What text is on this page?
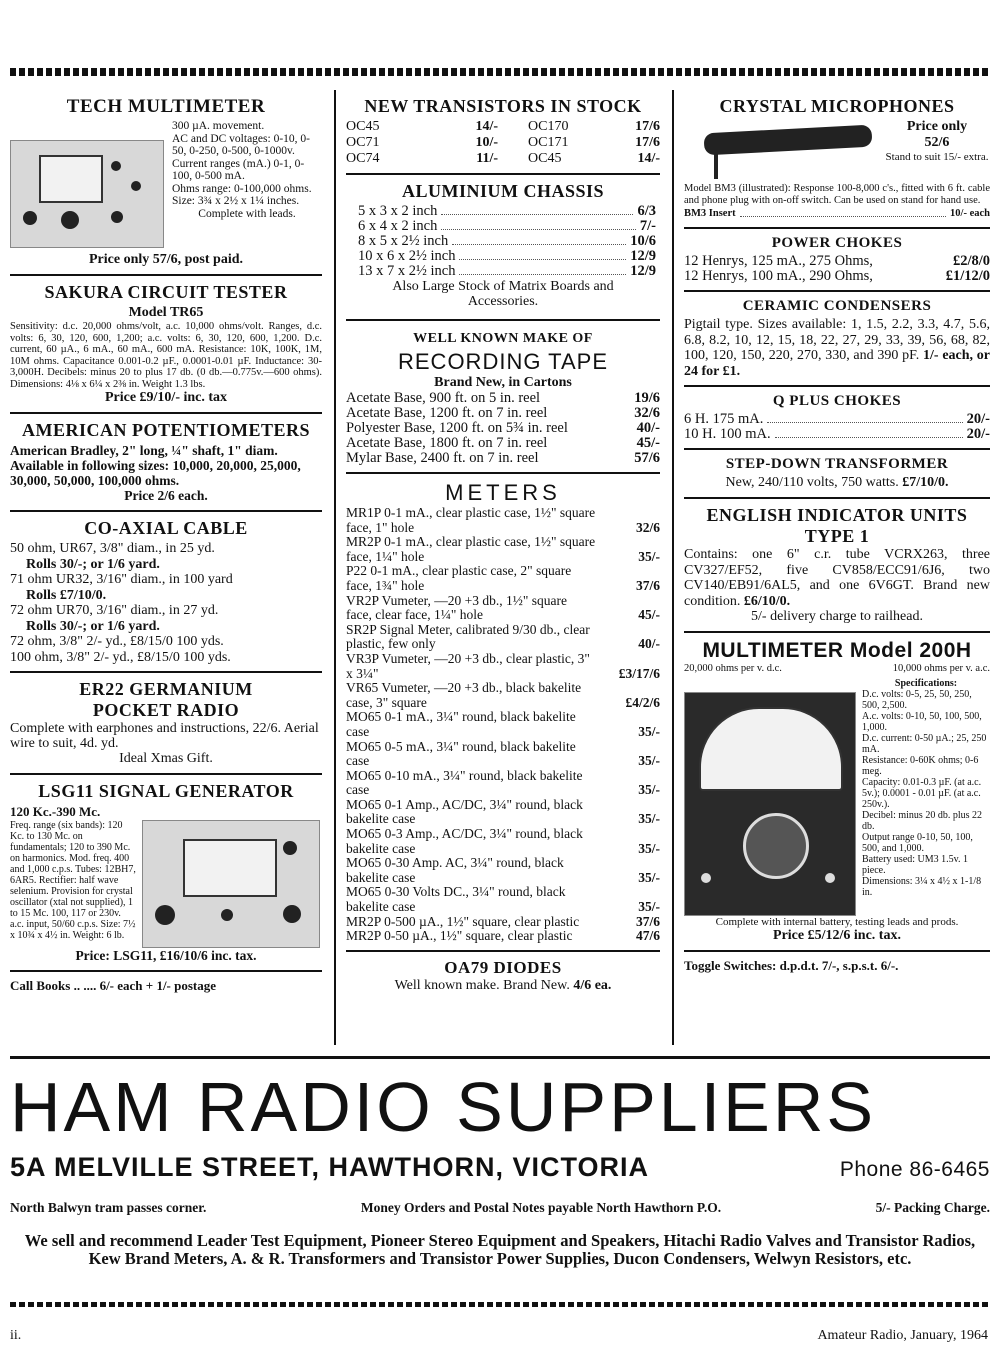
TECH MULTIMETER

300 µA. movement.

AC and DC voltages: 0-10, 0-50, 0-250, 0-500, 0-1000v.

Current ranges (mA.) 0-1, 0-100, 0-500 mA.

Ohms range: 0-100,000 ohms.

Size: 3¾ x 2½ x 1¼ inches.

Complete with leads.

Price only 57/6, post paid.

SAKURA CIRCUIT TESTER

Model TR65

Sensitivity: d.c. 20,000 ohms/volt, a.c. 10,000 ohms/volt. Ranges, d.c. volts: 6, 30, 120, 600, 1,200; a.c. volts: 6, 30, 120, 600, 1,200. D.c. current, 60 µA., 6 mA., 60 mA., 600 mA. Resistance: 10K, 100K, 1M, 10M ohms. Capacitance 0.001-0.2 µF., 0.0001-0.01 µF. Inductance: 30-3,000H. Decibels: minus 20 to plus 17 db. (0 db.—0.775v.—600 ohms). Dimensions: 4⅛ x 6¼ x 2⅜ in. Weight 1.3 lbs.

Price £9/10/- inc. tax

AMERICAN POTENTIOMETERS

American Bradley, 2" long, ¼" shaft, 1" diam. Available in following sizes: 10,000, 20,000, 25,000, 30,000, 50,000, 100,000 ohms.

Price 2/6 each.

CO-AXIAL CABLE

50 ohm, UR67, 3/8" diam., in 25 yd.

Rolls 30/-; or 1/6 yard.

71 ohm UR32, 3/16" diam., in 100 yard

Rolls £7/10/0.

72 ohm UR70, 3/16" diam., in 27 yd.

Rolls 30/-; or 1/6 yard.

72 ohm, 3/8" 2/- yd., £8/15/0 100 yds.

100 ohm, 3/8" 2/- yd., £8/15/0 100 yds.

ER22 GERMANIUM
POCKET RADIO

Complete with earphones and instructions, 22/6. Aerial wire to suit, 4d. yd.

Ideal Xmas Gift.

LSG11 SIGNAL GENERATOR

120 Kc.-390 Mc.

Freq. range (six bands): 120 Kc. to 130 Mc. on fundamentals; 120 to 390 Mc. on harmonics. Mod. freq. 400 and 1,000 c.p.s. Tubes: 12BH7, 6AR5. Rectifier: half wave selenium. Provision for crystal oscillator (xtal not supplied), 1 to 15 Mc. 100, 117 or 230v. a.c. input, 50/60 c.p.s. Size: 7½ x 10¾ x 4½ in. Weight: 6 lb.

Price: LSG11, £16/10/6 inc. tax.

Call Books .. .... 6/- each + 1/- postage

NEW TRANSISTORS IN STOCK
OC45	14/-	OC170	17/6
OC71	10/-	OC171	17/6
OC74	11/-	OC45	14/-
ALUMINIUM CHASSIS
5 x 3 x 2 inch	6/3
6 x 4 x 2 inch	7/-
8 x 5 x 2½ inch	10/6
10 x 6 x 2½ inch	12/9
13 x 7 x 2½ inch	12/9

Also Large Stock of Matrix Boards and Accessories.

WELL KNOWN MAKE OF
RECORDING TAPE

Brand New, in Cartons

Acetate Base, 900 ft. on 5 in. reel	19/6
Acetate Base, 1200 ft. on 7 in. reel	32/6
Polyester Base, 1200 ft. on 5¾ in. reel	40/-
Acetate Base, 1800 ft. on 7 in. reel	45/-
Mylar Base, 2400 ft. on 7 in. reel	57/6
METERS
MR1P 0-1 mA., clear plastic case, 1½" square face, 1" hole	32/6
MR2P 0-1 mA., clear plastic case, 1½" square face, 1¼" hole	35/-
P22 0-1 mA., clear plastic case, 2" square face, 1¾" hole	37/6
VR2P Vumeter, —20 +3 db., 1½" square face, clear face, 1¼" hole	45/-
SR2P Signal Meter, calibrated 9/30 db., clear plastic, few only	40/-
VR3P Vumeter, —20 +3 db., clear plastic, 3" x 3¼"	£3/17/6
VR65 Vumeter, —20 +3 db., black bakelite case, 3" square	£4/2/6
MO65 0-1 mA., 3¼" round, black bakelite case	35/-
MO65 0-5 mA., 3¼" round, black bakelite case	35/-
MO65 0-10 mA., 3¼" round, black bakelite case	35/-
MO65 0-1 Amp., AC/DC, 3¼" round, black bakelite case	35/-
MO65 0-3 Amp., AC/DC, 3¼" round, black bakelite case	35/-
MO65 0-30 Amp. AC, 3¼" round, black bakelite case	35/-
MO65 0-30 Volts DC., 3¼" round, black bakelite case	35/-
MR2P 0-500 µA., 1½" square, clear plastic	37/6
MR2P 0-50 µA., 1½" square, clear plastic	47/6
OA79 DIODES

Well known make. Brand New. 4/6 ea.

CRYSTAL MICROPHONES

Price only

52/6

Stand to suit 15/- extra.

Model BM3 (illustrated): Response 100-8,000 c's., fitted with 6 ft. cable and phone plug with on-off switch. Can be used on stand for hand use.

BM3 Insert	10/- each
POWER CHOKES
12 Henrys, 125 mA., 275 Ohms,	£2/8/0
12 Henrys, 100 mA., 290 Ohms,	£1/12/0
CERAMIC CONDENSERS

Pigtail type. Sizes available: 1, 1.5, 2.2, 3.3, 4.7, 5.6, 6.8, 8.2, 10, 12, 15, 18, 22, 27, 29, 33, 39, 56, 68, 82, 100, 120, 150, 220, 270, 330, and 390 pF. 1/- each, or 24 for £1.

Q PLUS CHOKES
6 H. 175 mA.	20/-
10 H. 100 mA.	20/-
STEP-DOWN TRANSFORMER

New, 240/110 volts, 750 watts. £7/10/0.

ENGLISH INDICATOR UNITS
TYPE 1

Contains: one 6" c.r. tube VCRX263, three CV327/EF52, five CV858/ECC91/6J6, two CV140/EB91/6AL5, and one 6V6GT. Brand new condition. £6/10/0.

5/- delivery charge to railhead.

MULTIMETER Model 200H
20,000 ohms per v. d.c.	10,000 ohms per v. a.c.

Specifications:

D.c. volts: 0-5, 25, 50, 250, 500, 2,500.

A.c. volts: 0-10, 50, 100, 500, 1,000.

D.c. current: 0-50 µA.; 25, 250 mA.

Resistance: 0-60K ohms; 0-6 meg.

Capacity: 0.01-0.3 µF. (at a.c. 5v.); 0.0001 - 0.01 µF. (at a.c. 250v.).

Decibel: minus 20 db. plus 22 db.

Output range 0-10, 50, 100, 500, and 1,000.

Battery used: UM3 1.5v. 1 piece.

Dimensions: 3¼ x 4½ x 1-1/8 in.

Complete with internal battery, testing leads and prods.

Price £5/12/6 inc. tax.

Toggle Switches: d.p.d.t. 7/-, s.p.s.t. 6/-.

HAM RADIO SUPPLIERS
5A MELVILLE STREET, HAWTHORN, VICTORIA	Phone 86-6465
North Balwyn tram passes corner.	Money Orders and Postal Notes payable North Hawthorn P.O.	5/- Packing Charge.
We sell and recommend Leader Test Equipment, Pioneer Stereo Equipment and Speakers, Hitachi Radio Valves and Transistor Radios, Kew Brand Meters, A. & R. Transformers and Transistor Power Supplies, Ducon Condensers, Welwyn Resistors, etc.
ii.	Amateur Radio, January, 1964
